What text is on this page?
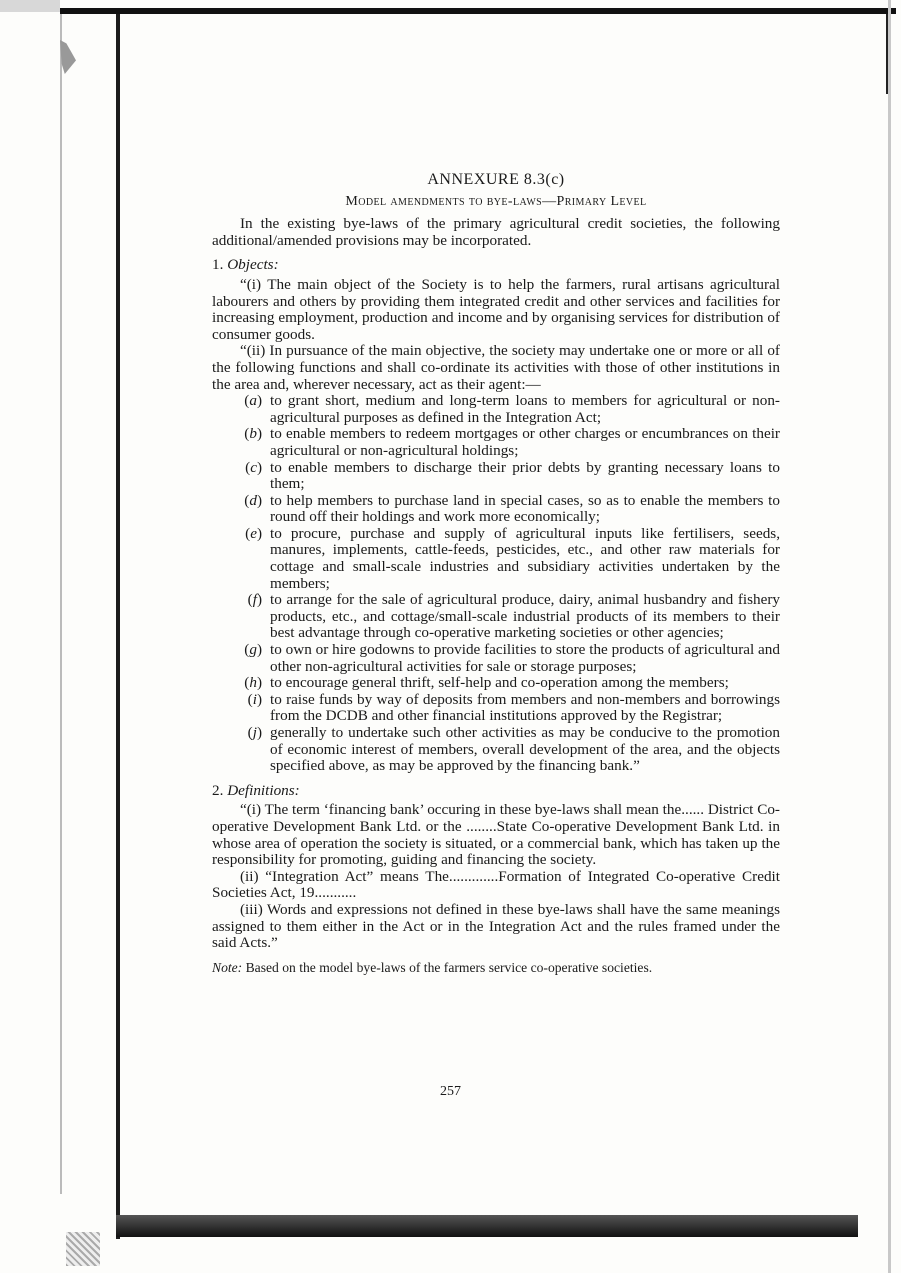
ANNEXURE 8.3(c)
Model amendments to bye-laws—Primary Level

In the existing bye-laws of the primary agricultural credit societies, the following additional/amended provisions may be incorporated.

1. Objects:

“(i) The main object of the Society is to help the farmers, rural artisans agricultural labourers and others by providing them integrated credit and other services and facilities for increasing employment, production and income and by organising services for distribution of consumer goods.

“(ii) In pursuance of the main objective, the society may undertake one or more or all of the following functions and shall co-ordinate its activities with those of other institutions in the area and, wherever necessary, act as their agent:—

(a) to grant short, medium and long-term loans to members for agricultural or non-agricultural purposes as defined in the Integration Act;
(b) to enable members to redeem mortgages or other charges or encumbrances on their agricultural or non-agricultural holdings;
(c) to enable members to discharge their prior debts by granting necessary loans to them;
(d) to help members to purchase land in special cases, so as to enable the members to round off their holdings and work more economically;
(e) to procure, purchase and supply of agricultural inputs like fertilisers, seeds, manures, implements, cattle-feeds, pesticides, etc., and other raw materials for cottage and small-scale industries and subsidiary activities undertaken by the members;
(f) to arrange for the sale of agricultural produce, dairy, animal husbandry and fishery products, etc., and cottage/small-scale industrial products of its members to their best advantage through co-operative marketing societies or other agencies;
(g) to own or hire godowns to provide facilities to store the products of agricultural and other non-agricultural activities for sale or storage purposes;
(h) to encourage general thrift, self-help and co-operation among the members;
(i) to raise funds by way of deposits from members and non-members and borrowings from the DCDB and other financial institutions approved by the Registrar;
(j) generally to undertake such other activities as may be conducive to the promotion of economic interest of members, overall development of the area, and the objects specified above, as may be approved by the financing bank.”
2. Definitions:

“(i) The term ‘financing bank’ occuring in these bye-laws shall mean the...... District Co-operative Development Bank Ltd. or the ........State Co-operative Development Bank Ltd. in whose area of operation the society is situated, or a commercial bank, which has taken up the responsibility for promoting, guiding and financing the society.

(ii) “Integration Act” means The.............Formation of Integrated Co-operative Credit Societies Act, 19...........

(iii) Words and expressions not defined in these bye-laws shall have the same meanings assigned to them either in the Act or in the Integration Act and the rules framed under the said Acts.”

Note: Based on the model bye-laws of the farmers service co-operative societies.
257
